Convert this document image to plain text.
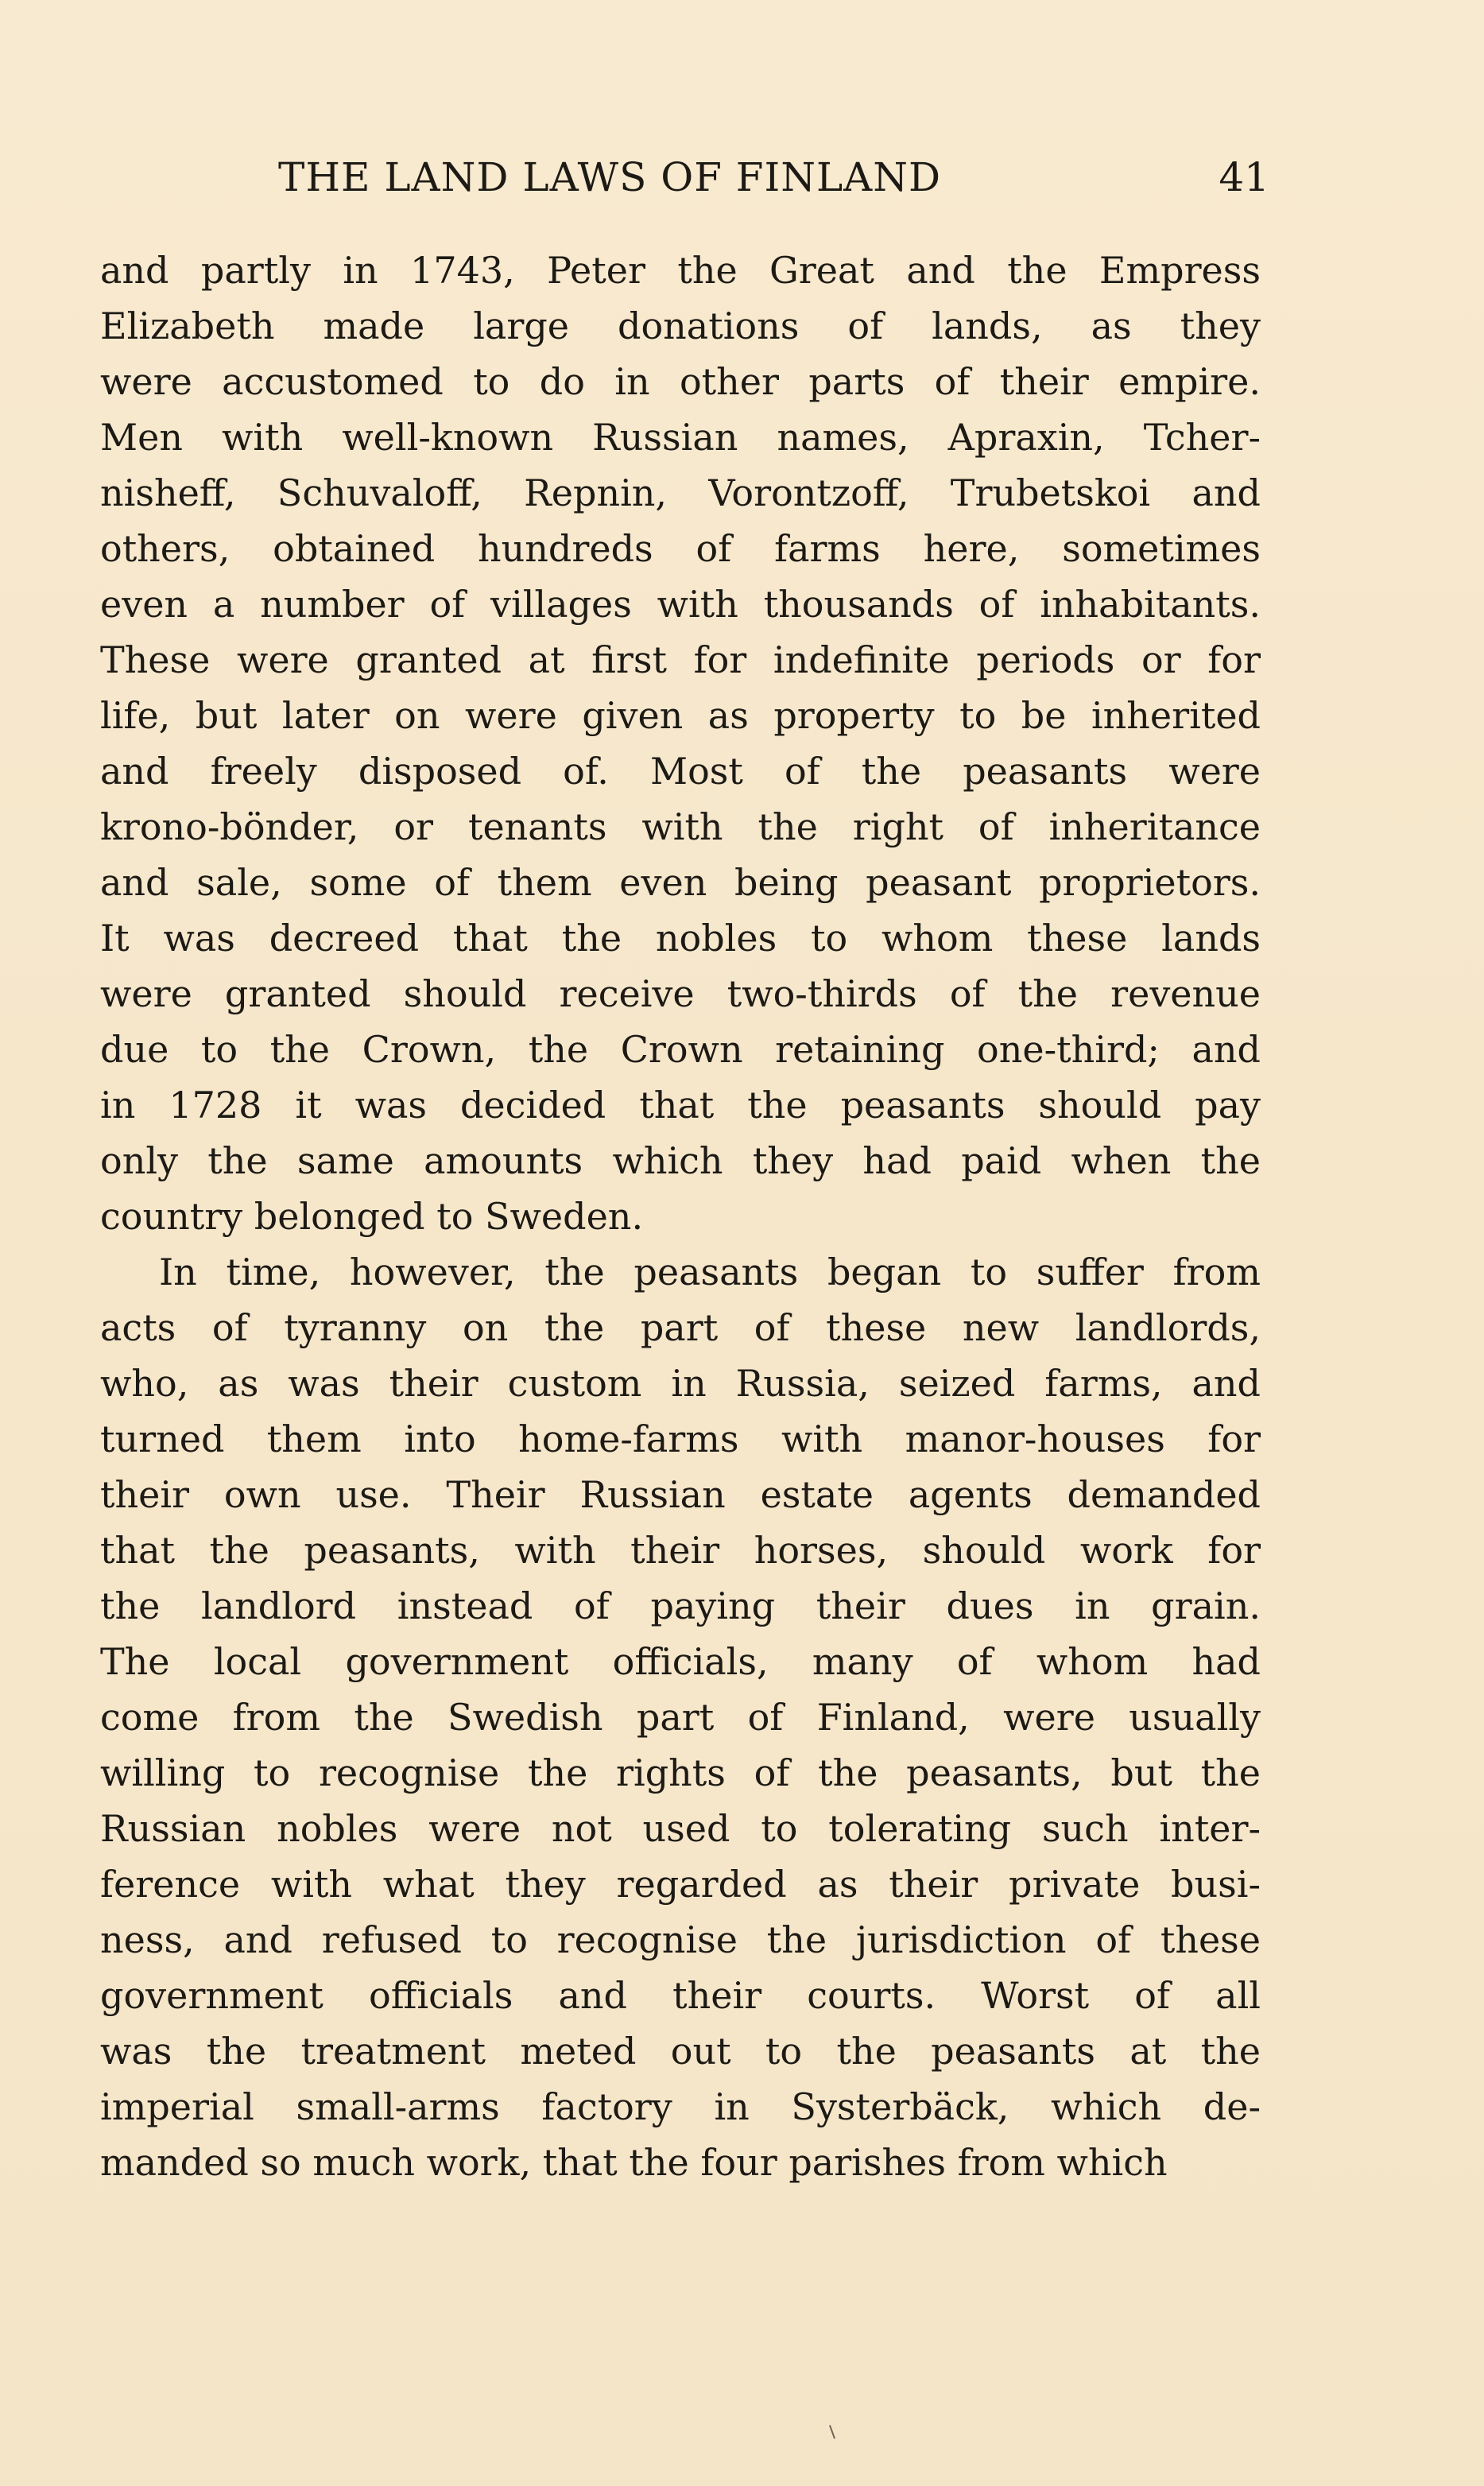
THE LAND LAWS OF FINLAND	41
and partly in 1743, Peter the Great and the Empress
Elizabeth made large donations of lands, as they
were accustomed to do in other parts of their empire.
Men with well-known Russian names, Apraxin, Tcher-
nisheff, Schuvaloff, Repnin, Vorontzoff, Trubetskoi and
others, obtained hundreds of farms here, sometimes
even a number of villages with thousands of inhabitants.
These were granted at first for indefinite periods or for
life, but later on were given as property to be inherited
and freely disposed of. Most of the peasants were
krono-bönder, or tenants with the right of inheritance
and sale, some of them even being peasant proprietors.
It was decreed that the nobles to whom these lands
were granted should receive two-thirds of the revenue
due to the Crown, the Crown retaining one-third; and
in 1728 it was decided that the peasants should pay
only the same amounts which they had paid when the
country belonged to Sweden.
In time, however, the peasants began to suffer from
acts of tyranny on the part of these new landlords,
who, as was their custom in Russia, seized farms, and
turned them into home-farms with manor-houses for
their own use. Their Russian estate agents demanded
that the peasants, with their horses, should work for
the landlord instead of paying their dues in grain.
The local government officials, many of whom had
come from the Swedish part of Finland, were usually
willing to recognise the rights of the peasants, but the
Russian nobles were not used to tolerating such inter-
ference with what they regarded as their private busi-
ness, and refused to recognise the jurisdiction of these
government officials and their courts. Worst of all
was the treatment meted out to the peasants at the
imperial small-arms factory in Systerbäck, which de-
manded so much work, that the four parishes from which
